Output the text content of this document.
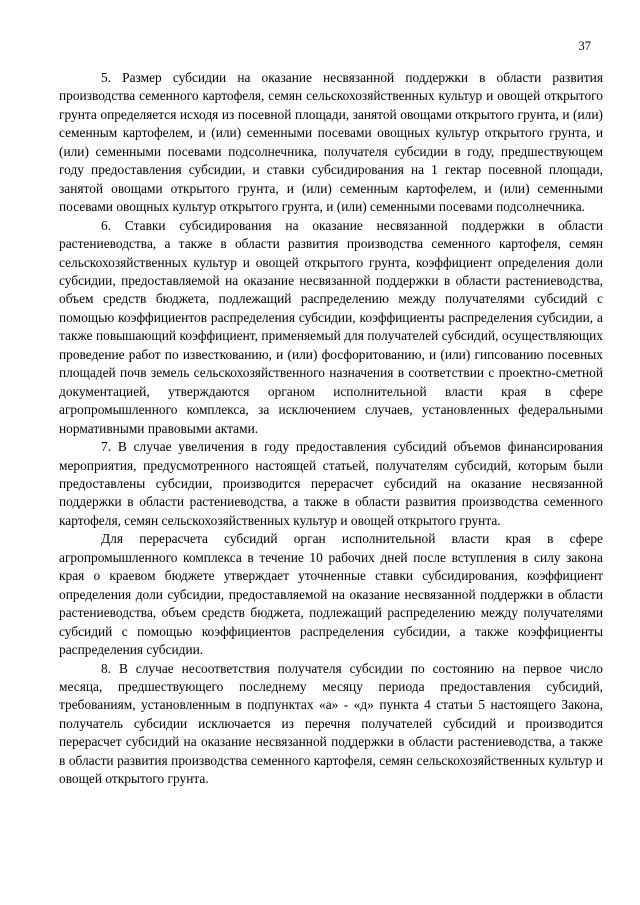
37

5. Размер субсидии на оказание несвязанной поддержки в области развития производства семенного картофеля, семян сельскохозяйственных культур и овощей открытого грунта определяется исходя из посевной площади, занятой овощами открытого грунта, и (или) семенным картофелем, и (или) семенными посевами овощных культур открытого грунта, и (или) семенными посевами подсолнечника, получателя субсидии в году, предшествующем году предоставления субсидии, и ставки субсидирования на 1 гектар посевной площади, занятой овощами открытого грунта, и (или) семенным картофелем, и (или) семенными посевами овощных культур открытого грунта, и (или) семенными посевами подсолнечника.

6. Ставки субсидирования на оказание несвязанной поддержки в области растениеводства, а также в области развития производства семенного картофеля, семян сельскохозяйственных культур и овощей открытого грунта, коэффициент определения доли субсидии, предоставляемой на оказание несвязанной поддержки в области растениеводства, объем средств бюджета, подлежащий распределению между получателями субсидий с помощью коэффициентов распределения субсидии, коэффициенты распределения субсидии, а также повышающий коэффициент, применяемый для получателей субсидий, осуществляющих проведение работ по известкованию, и (или) фосфоритованию, и (или) гипсованию посевных площадей почв земель сельскохозяйственного назначения в соответствии с проектно-сметной документацией, утверждаются органом исполнительной власти края в сфере агропромышленного комплекса, за исключением случаев, установленных федеральными нормативными правовыми актами.

7. В случае увеличения в году предоставления субсидий объемов финансирования мероприятия, предусмотренного настоящей статьей, получателям субсидий, которым были предоставлены субсидии, производится перерасчет субсидий на оказание несвязанной поддержки в области растениеводства, а также в области развития производства семенного картофеля, семян сельскохозяйственных культур и овощей открытого грунта.

Для перерасчета субсидий орган исполнительной власти края в сфере агропромышленного комплекса в течение 10 рабочих дней после вступления в силу закона края о краевом бюджете утверждает уточненные ставки субсидирования, коэффициент определения доли субсидии, предоставляемой на оказание несвязанной поддержки в области растениеводства, объем средств бюджета, подлежащий распределению между получателями субсидий с помощью коэффициентов распределения субсидии, а также коэффициенты распределения субсидии.

8. В случае несоответствия получателя субсидии по состоянию на первое число месяца, предшествующего последнему месяцу периода предоставления субсидий, требованиям, установленным в подпунктах «а» - «д» пункта 4 статьи 5 настоящего Закона, получатель субсидии исключается из перечня получателей субсидий и производится перерасчет субсидий на оказание несвязанной поддержки в области растениеводства, а также в области развития производства семенного картофеля, семян сельскохозяйственных культур и овощей открытого грунта.
